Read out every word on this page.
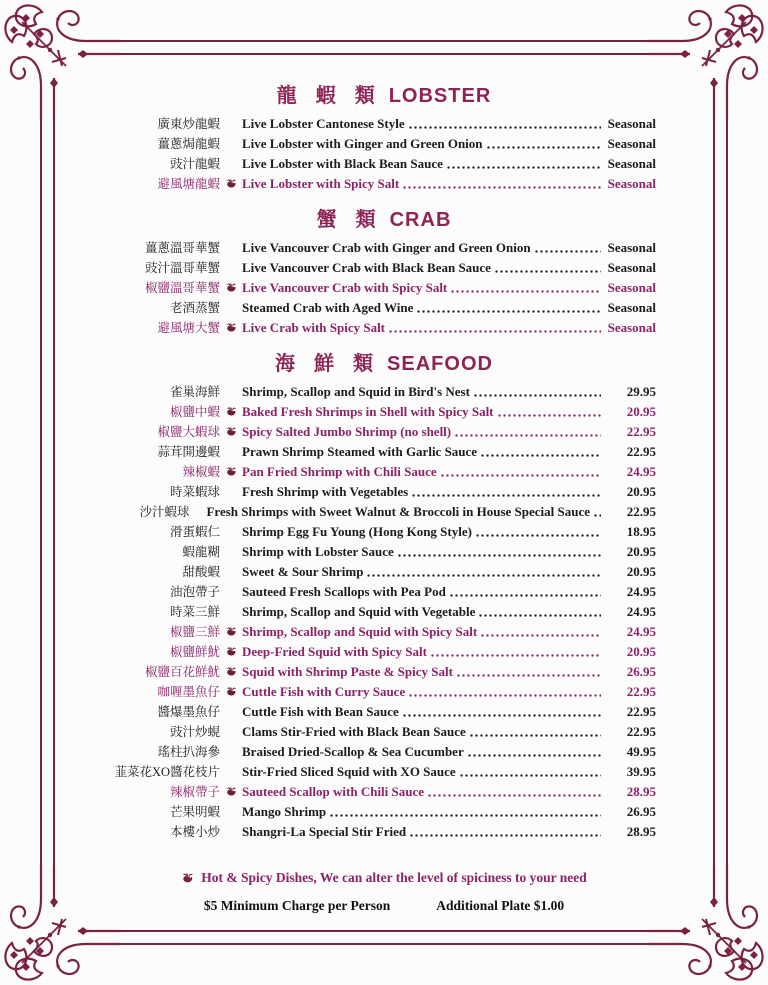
龍 蝦 類 LOBSTER
廣東炒龍蝦 Live Lobster Cantonese Style	Seasonal
薑蔥焗龍蝦 Live Lobster with Ginger and Green Onion	Seasonal
豉汁龍蝦 Live Lobster with Black Bean Sauce	Seasonal
避風塘龍蝦 Live Lobster with Spicy Salt	Seasonal
蟹 類 CRAB
薑蔥溫哥華蟹 Live Vancouver Crab with Ginger and Green Onion	Seasonal
豉汁溫哥華蟹 Live Vancouver Crab with Black Bean Sauce	Seasonal
椒鹽溫哥華蟹 Live Vancouver Crab with Spicy Salt	Seasonal
老酒蒸蟹 Steamed Crab with Aged Wine	Seasonal
避風塘大蟹 Live Crab with Spicy Salt	Seasonal
海 鮮 類 SEAFOOD
雀巢海鮮 Shrimp, Scallop and Squid in Bird's Nest	29.95
椒鹽中蝦 Baked Fresh Shrimps in Shell with Spicy Salt	20.95
椒鹽大蝦球 Spicy Salted Jumbo Shrimp (no shell)	22.95
蒜茸開邊蝦 Prawn Shrimp Steamed with Garlic Sauce	22.95
辣椒蝦 Pan Fried Shrimp with Chili Sauce	24.95
時菜蝦球 Fresh Shrimp with Vegetables	20.95
沙汁蝦球 Fresh Shrimps with Sweet Walnut & Broccoli in House Special Sauce	22.95
滑蛋蝦仁 Shrimp Egg Fu Young (Hong Kong Style)	18.95
蝦龍糊 Shrimp with Lobster Sauce	20.95
甜酸蝦 Sweet & Sour Shrimp	20.95
油泡帶子 Sauteed Fresh Scallops with Pea Pod	24.95
時菜三鮮 Shrimp, Scallop and Squid with Vegetable	24.95
椒鹽三鮮 Shrimp, Scallop and Squid with Spicy Salt	24.95
椒鹽鮮魷 Deep-Fried Squid with Spicy Salt	20.95
椒鹽百花鮮魷 Squid with Shrimp Paste & Spicy Salt	26.95
咖喱墨魚仔 Cuttle Fish with Curry Sauce	22.95
醬爆墨魚仔 Cuttle Fish with Bean Sauce	22.95
豉汁炒蜆 Clams Stir-Fried with Black Bean Sauce	22.95
瑤柱扒海參 Braised Dried-Scallop & Sea Cucumber	49.95
韮菜花XO醬花枝片 Stir-Fried Sliced Squid with XO Sauce	39.95
辣椒帶子 Sauteed Scallop with Chili Sauce	28.95
芒果明蝦 Mango Shrimp	26.95
本樓小炒 Shangri-La Special Stir Fried	28.95
Hot & Spicy Dishes, We can alter the level of spiciness to your need
$5 Minimum Charge per Person	Additional Plate $1.00
